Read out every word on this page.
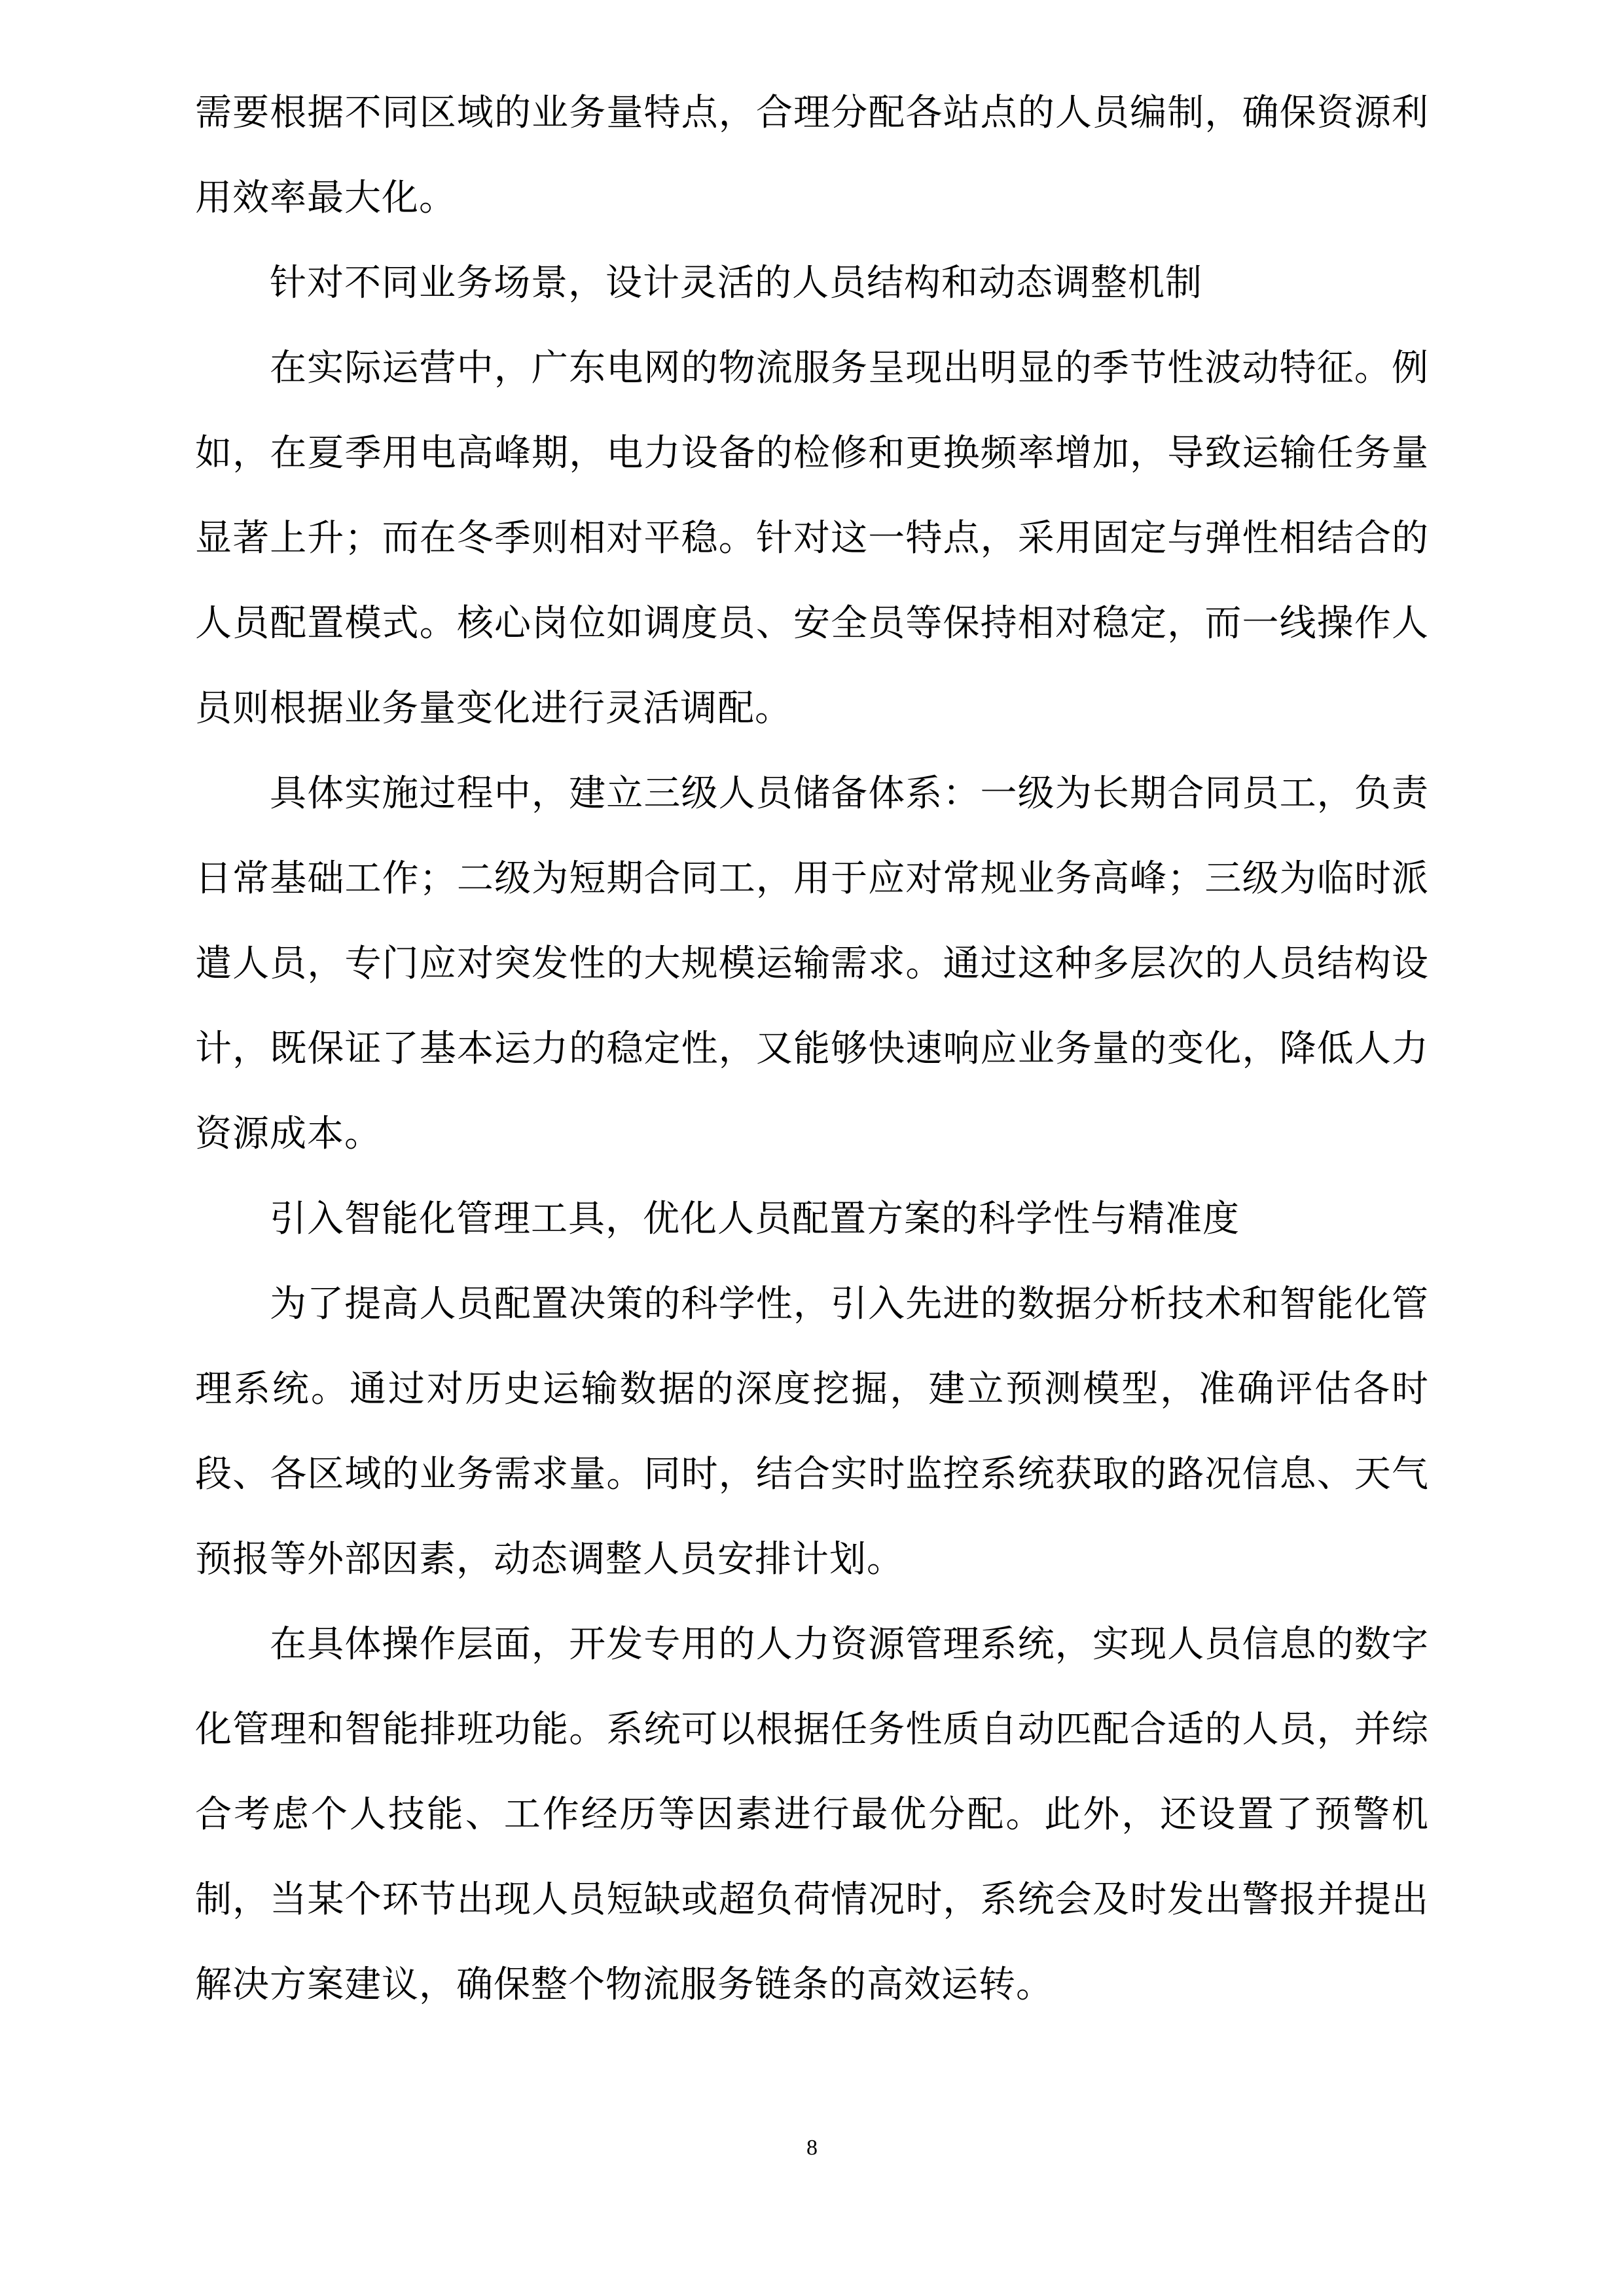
需要根据不同区域的业务量特点，合理分配各站点的人员编制，确保资源利用效率最大化。

针对不同业务场景，设计灵活的人员结构和动态调整机制

在实际运营中，广东电网的物流服务呈现出明显的季节性波动特征。例如，在夏季用电高峰期，电力设备的检修和更换频率增加，导致运输任务量显著上升；而在冬季则相对平稳。针对这一特点，采用固定与弹性相结合的人员配置模式。核心岗位如调度员、安全员等保持相对稳定，而一线操作人员则根据业务量变化进行灵活调配。

具体实施过程中，建立三级人员储备体系：一级为长期合同员工，负责日常基础工作；二级为短期合同工，用于应对常规业务高峰；三级为临时派遣人员，专门应对突发性的大规模运输需求。通过这种多层次的人员结构设计，既保证了基本运力的稳定性，又能够快速响应业务量的变化，降低人力资源成本。

引入智能化管理工具，优化人员配置方案的科学性与精准度

为了提高人员配置决策的科学性，引入先进的数据分析技术和智能化管理系统。通过对历史运输数据的深度挖掘，建立预测模型，准确评估各时段、各区域的业务需求量。同时，结合实时监控系统获取的路况信息、天气预报等外部因素，动态调整人员安排计划。

在具体操作层面，开发专用的人力资源管理系统，实现人员信息的数字化管理和智能排班功能。系统可以根据任务性质自动匹配合适的人员，并综合考虑个人技能、工作经历等因素进行最优分配。此外，还设置了预警机制，当某个环节出现人员短缺或超负荷情况时，系统会及时发出警报并提出解决方案建议，确保整个物流服务链条的高效运转。

8
